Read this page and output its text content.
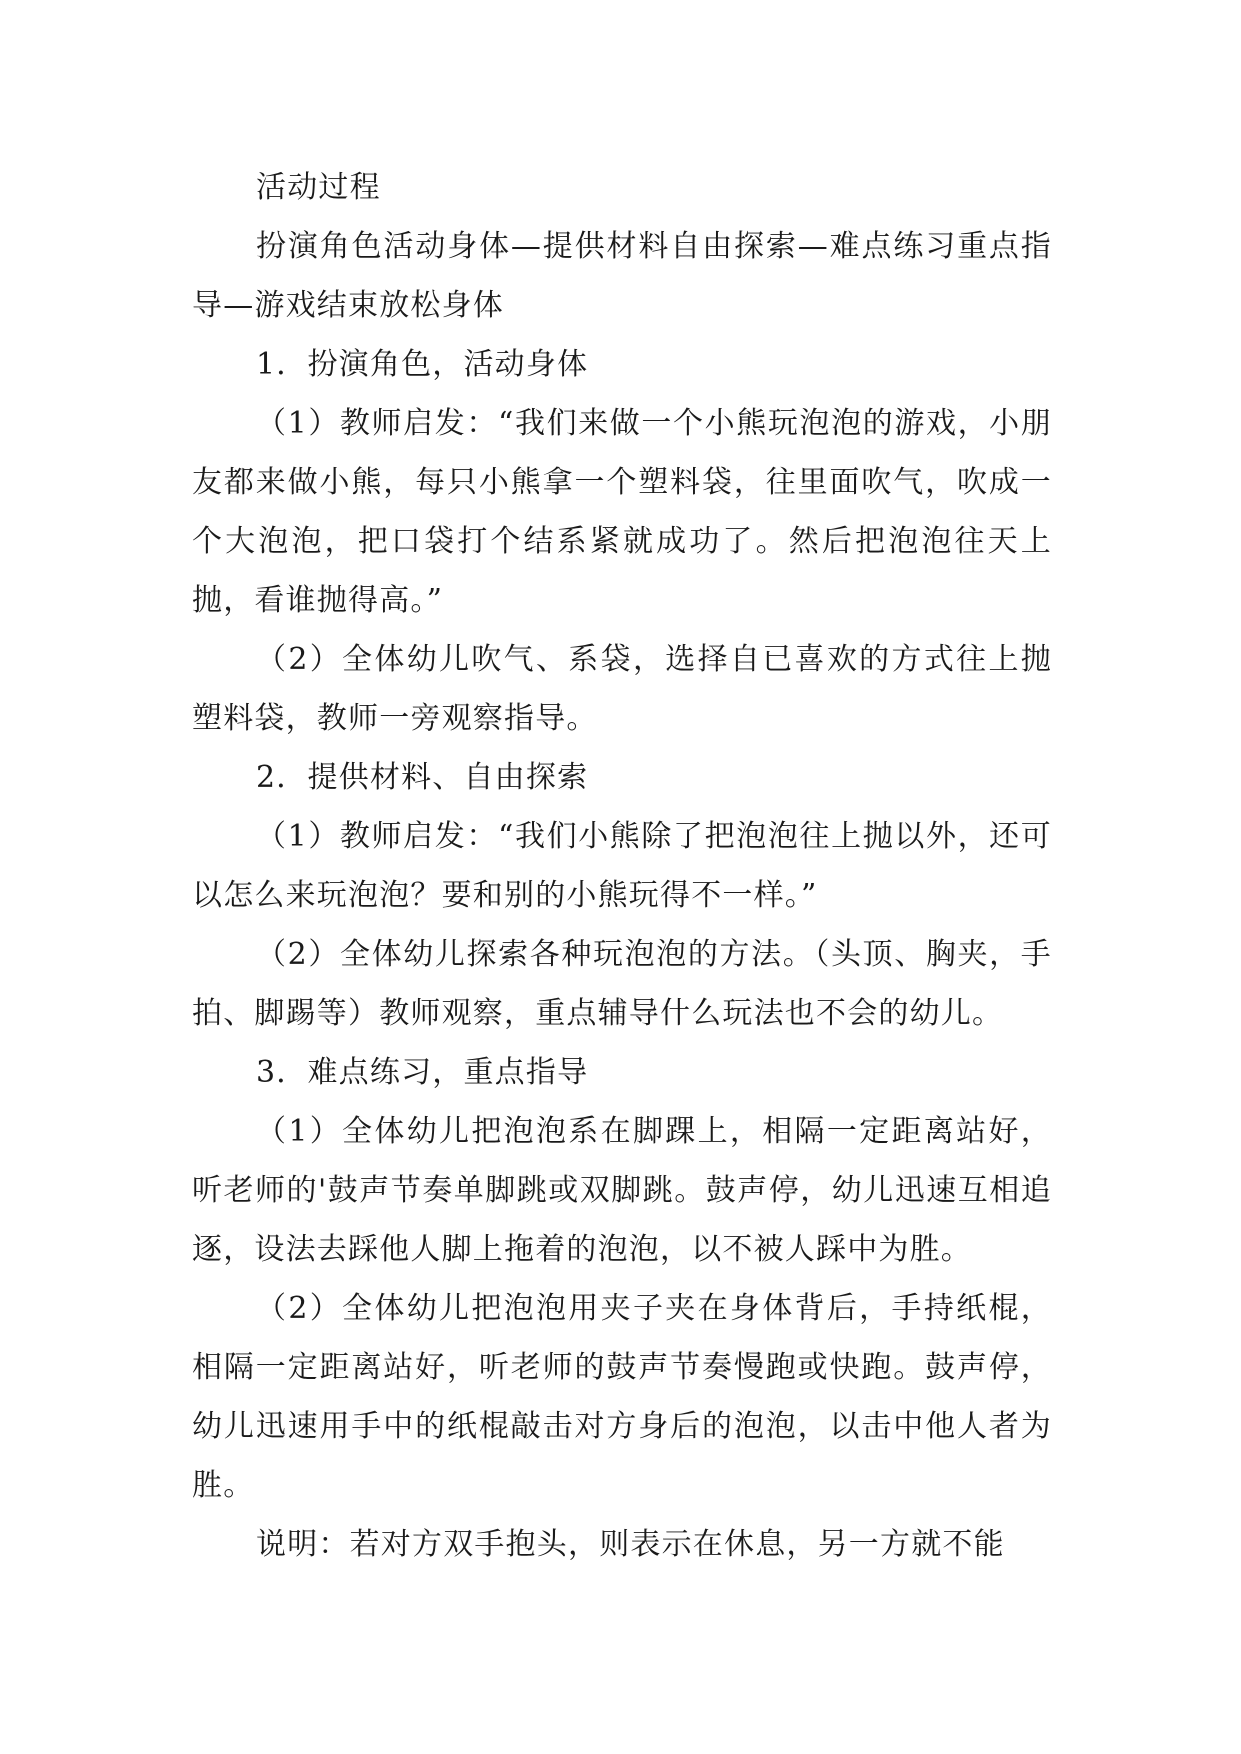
活动过程

扮演角色活动身体—提供材料自由探索—难点练习重点指导—游戏结束放松身体

1．扮演角色，活动身体

（1）教师启发：“我们来做一个小熊玩泡泡的游戏，小朋友都来做小熊，每只小熊拿一个塑料袋，往里面吹气，吹成一个大泡泡，把口袋打个结系紧就成功了。然后把泡泡往天上抛，看谁抛得高。”

（2）全体幼儿吹气、系袋，选择自已喜欢的方式往上抛塑料袋，教师一旁观察指导。

2．提供材料、自由探索

（1）教师启发：“我们小熊除了把泡泡往上抛以外，还可以怎么来玩泡泡？要和别的小熊玩得不一样。”

（2）全体幼儿探索各种玩泡泡的方法。（头顶、胸夹，手拍、脚踢等）教师观察，重点辅导什么玩法也不会的幼儿。

3．难点练习，重点指导

（1）全体幼儿把泡泡系在脚踝上，相隔一定距离站好，听老师的'鼓声节奏单脚跳或双脚跳。鼓声停，幼儿迅速互相追逐，设法去踩他人脚上拖着的泡泡，以不被人踩中为胜。

（2）全体幼儿把泡泡用夹子夹在身体背后，手持纸棍，相隔一定距离站好，听老师的鼓声节奏慢跑或快跑。鼓声停，幼儿迅速用手中的纸棍敲击对方身后的泡泡，以击中他人者为胜。

说明：若对方双手抱头，则表示在休息，另一方就不能
